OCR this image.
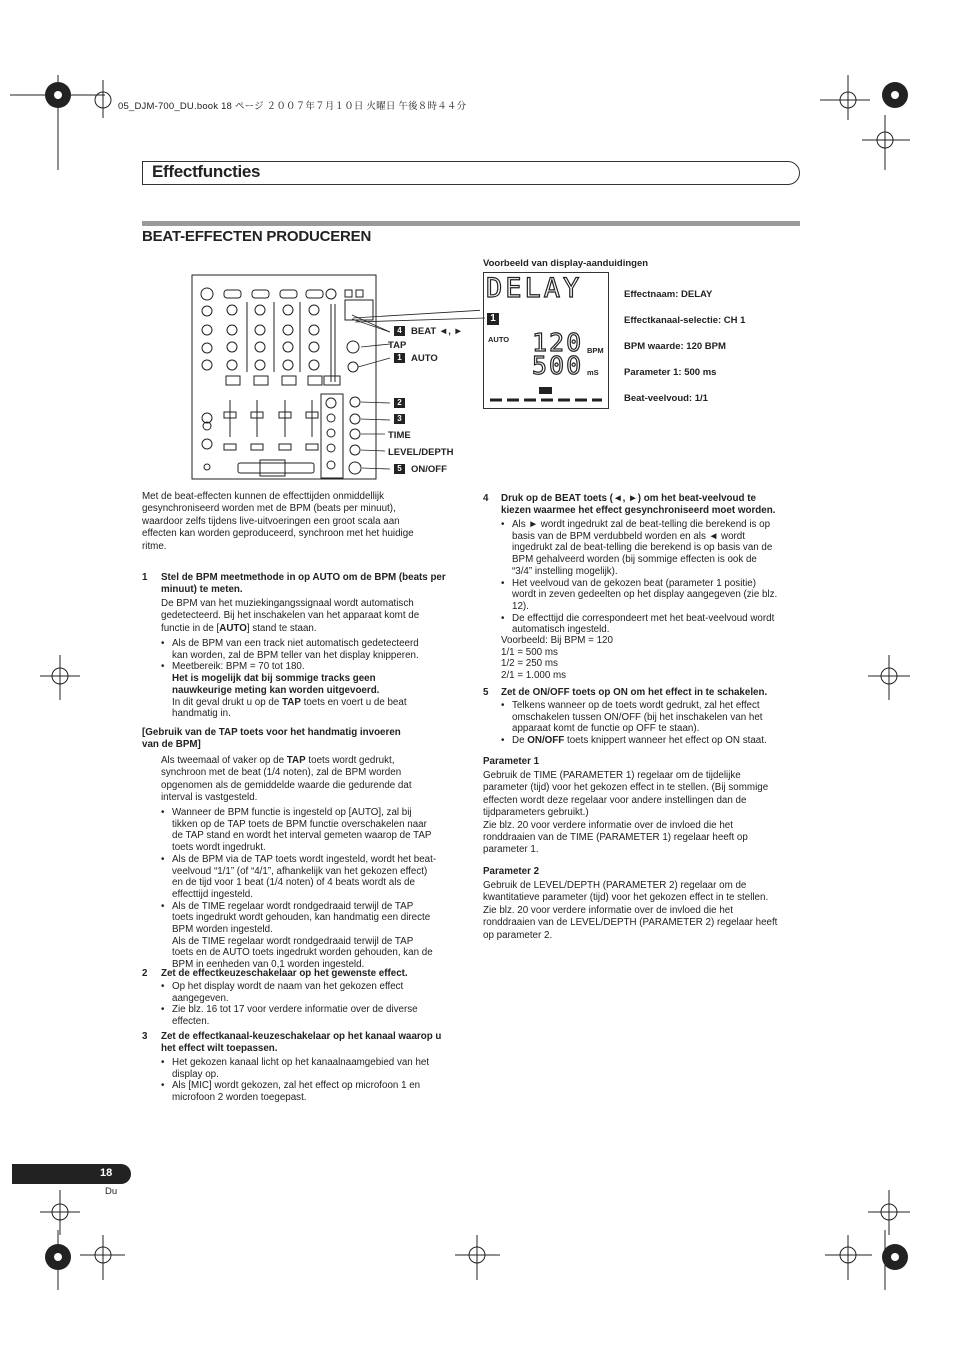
05_DJM-700_DU.book 18 ページ ２００７年７月１０日 火曜日 午後８時４４分
Effectfuncties
BEAT-EFFECTEN PRODUCEREN
4 BEAT ◄, ►
TAP
1 AUTO
2
3
TIME
LEVEL/DEPTH
5 ON/OFF
Voorbeeld van display-aanduidingen
DELAY
1
AUTO 120 BPM
500 mS
Effectnaam: DELAY
Effectkanaal-selectie: CH 1
BPM waarde: 120 BPM
Parameter 1: 500 ms
Beat-veelvoud: 1/1
Met de beat-effecten kunnen de effecttijden onmiddellijk
gesynchroniseerd worden met de BPM (beats per minuut),
waardoor zelfs tijdens live-uitvoeringen een groot scala aan
effecten kan worden geproduceerd, synchroon met het huidige
ritme.
1 Stel de BPM meetmethode in op AUTO om de BPM (beats per
minuut) te meten.
De BPM van het muziekingangssignaal wordt automatisch
gedetecteerd. Bij het inschakelen van het apparaat komt de
functie in de [AUTO] stand te staan.
• Als de BPM van een track niet automatisch gedetecteerd
kan worden, zal de BPM teller van het display knipperen.
• Meetbereik: BPM = 70 tot 180.
Het is mogelijk dat bij sommige tracks geen
nauwkeurige meting kan worden uitgevoerd.
In dit geval drukt u op de TAP toets en voert u de beat
handmatig in.
[Gebruik van de TAP toets voor het handmatig invoeren
van de BPM]
Als tweemaal of vaker op de TAP toets wordt gedrukt,
synchroon met de beat (1/4 noten), zal de BPM worden
opgenomen als de gemiddelde waarde die gedurende dat
interval is vastgesteld.
• Wanneer de BPM functie is ingesteld op [AUTO], zal bij
tikken op de TAP toets de BPM functie overschakelen naar
de TAP stand en wordt het interval gemeten waarop de TAP
toets wordt ingedrukt.
• Als de BPM via de TAP toets wordt ingesteld, wordt het beat-
veelvoud “1/1” (of “4/1”, afhankelijk van het gekozen effect)
en de tijd voor 1 beat (1/4 noten) of 4 beats wordt als de
effecttijd ingesteld.
• Als de TIME regelaar wordt rondgedraaid terwijl de TAP
toets ingedrukt wordt gehouden, kan handmatig een directe
BPM worden ingesteld.
Als de TIME regelaar wordt rondgedraaid terwijl de TAP
toets en de AUTO toets ingedrukt worden gehouden, kan de
BPM in eenheden van 0,1 worden ingesteld.
2 Zet de effectkeuzeschakelaar op het gewenste effect.
• Op het display wordt de naam van het gekozen effect
aangegeven.
• Zie blz. 16 tot 17 voor verdere informatie over de diverse
effecten.
3 Zet de effectkanaal-keuzeschakelaar op het kanaal waarop u
het effect wilt toepassen.
• Het gekozen kanaal licht op het kanaalnaamgebied van het
display op.
• Als [MIC] wordt gekozen, zal het effect op microfoon 1 en
microfoon 2 worden toegepast.
4 Druk op de BEAT toets (◄, ►) om het beat-veelvoud te
kiezen waarmee het effect gesynchroniseerd moet worden.
• Als ► wordt ingedrukt zal de beat-telling die berekend is op
basis van de BPM verdubbeld worden en als ◄ wordt
ingedrukt zal de beat-telling die berekend is op basis van de
BPM gehalveerd worden (bij sommige effecten is ook de
“3/4” instelling mogelijk).
• Het veelvoud van de gekozen beat (parameter 1 positie)
wordt in zeven gedeelten op het display aangegeven (zie blz.
12).
• De effecttijd die correspondeert met het beat-veelvoud wordt
automatisch ingesteld.
Voorbeeld: Bij BPM = 120
1/1 = 500 ms
1/2 = 250 ms
2/1 = 1.000 ms
5 Zet de ON/OFF toets op ON om het effect in te schakelen.
• Telkens wanneer op de toets wordt gedrukt, zal het effect
omschakelen tussen ON/OFF (bij het inschakelen van het
apparaat komt de functie op OFF te staan).
• De ON/OFF toets knippert wanneer het effect op ON staat.
Parameter 1
Gebruik de TIME (PARAMETER 1) regelaar om de tijdelijke
parameter (tijd) voor het gekozen effect in te stellen. (Bij sommige
effecten wordt deze regelaar voor andere instellingen dan de
tijdparameters gebruikt.)
Zie blz. 20 voor verdere informatie over de invloed die het
ronddraaien van de TIME (PARAMETER 1) regelaar heeft op
parameter 1.
Parameter 2
Gebruik de LEVEL/DEPTH (PARAMETER 2) regelaar om de
kwantitatieve parameter (tijd) voor het gekozen effect in te stellen.
Zie blz. 20 voor verdere informatie over de invloed die het
ronddraaien van de LEVEL/DEPTH (PARAMETER 2) regelaar heeft
op parameter 2.
18
Du
